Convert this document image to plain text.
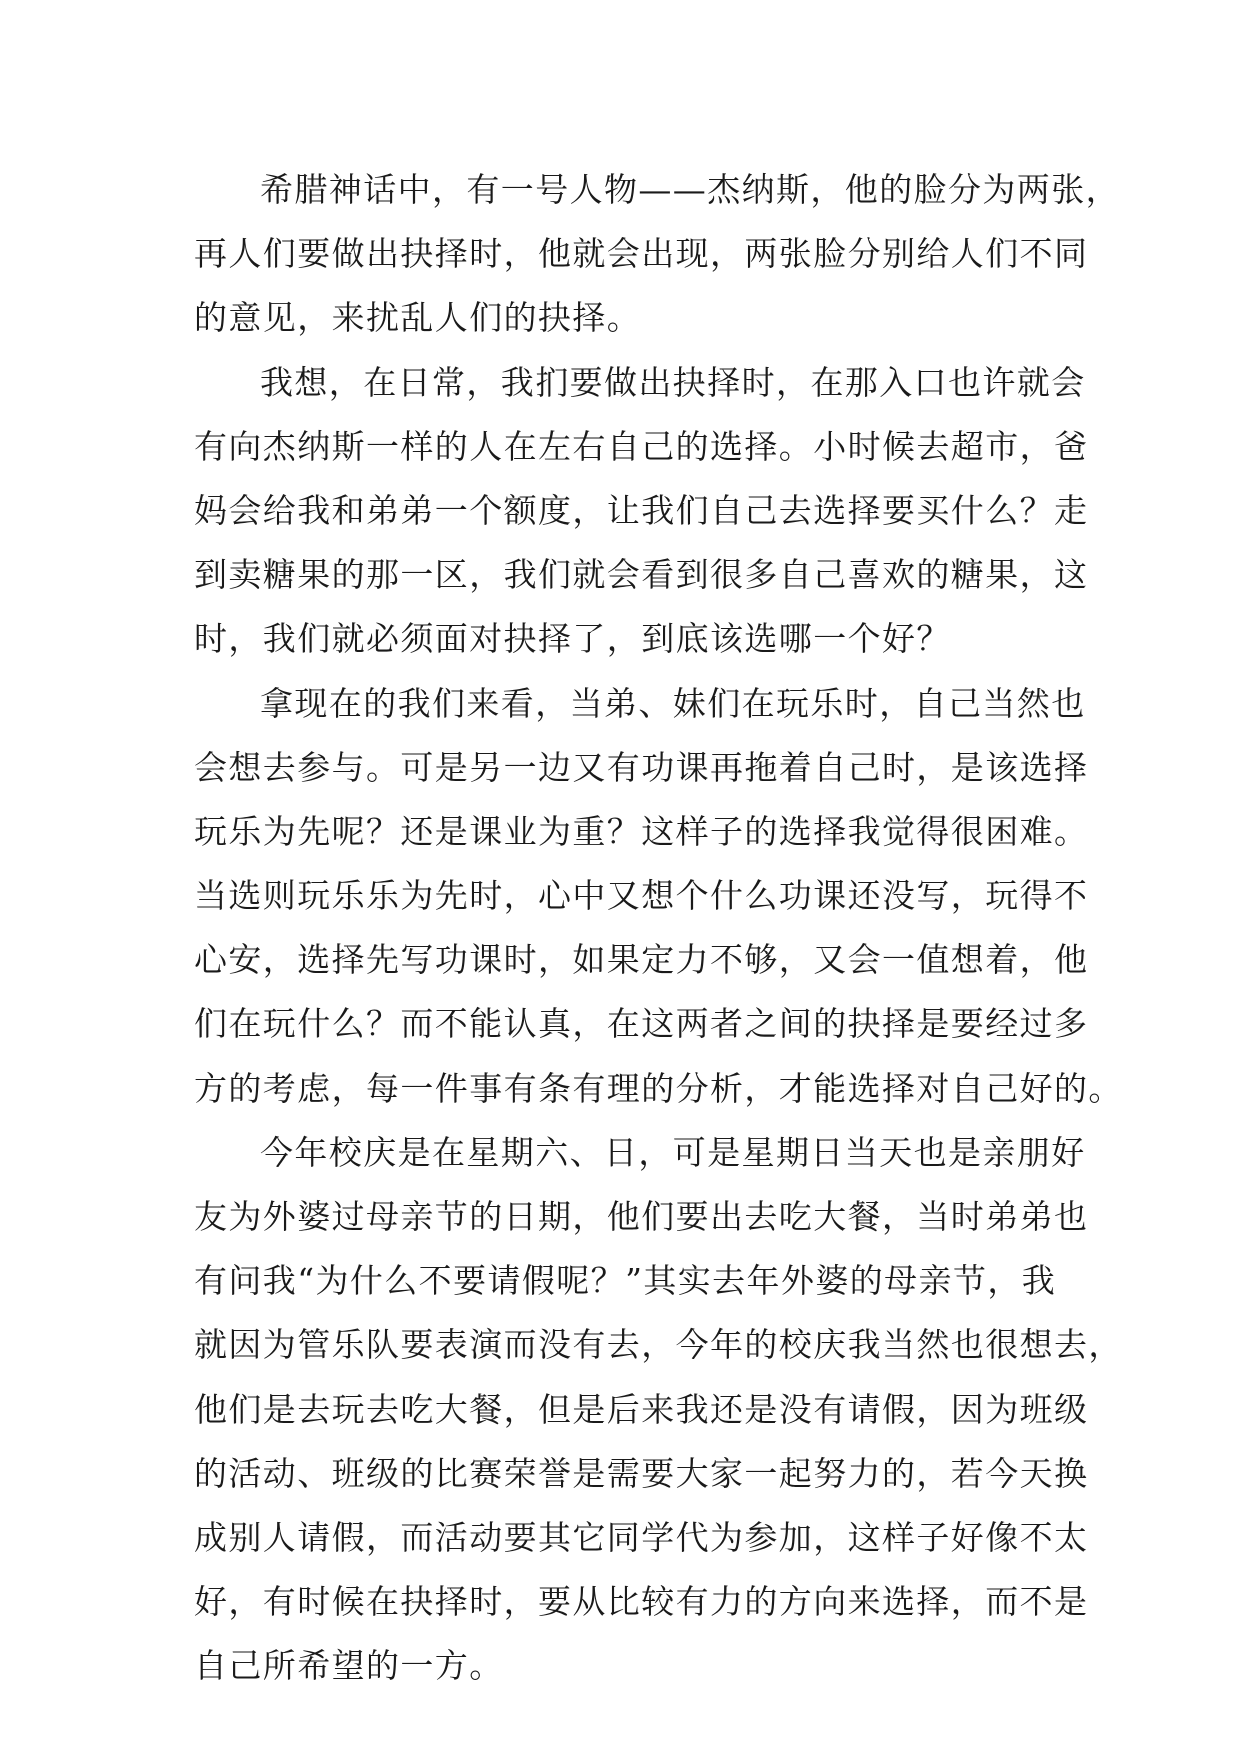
希腊神话中，有一号人物——杰纳斯，他的脸分为两张，
再人们要做出抉择时，他就会出现，两张脸分别给人们不同
的意见，来扰乱人们的抉择。
我想，在日常，我扪要做出抉择时，在那入口也许就会
有向杰纳斯一样的人在左右自己的选择。小时候去超市，爸
妈会给我和弟弟一个额度，让我们自己去选择要买什么？走
到卖糖果的那一区，我们就会看到很多自己喜欢的糖果，这
时，我们就必须面对抉择了，到底该选哪一个好？
拿现在的我们来看，当弟、妹们在玩乐时，自己当然也
会想去参与。可是另一边又有功课再拖着自己时，是该选择
玩乐为先呢？还是课业为重？这样子的选择我觉得很困难。
当选则玩乐乐为先时，心中又想个什么功课还没写，玩得不
心安，选择先写功课时，如果定力不够，又会一值想着，他
们在玩什么？而不能认真，在这两者之间的抉择是要经过多
方的考虑，每一件事有条有理的分析，才能选择对自己好的。
今年校庆是在星期六、日，可是星期日当天也是亲朋好
友为外婆过母亲节的日期，他们要出去吃大餐，当时弟弟也
有问我“为什么不要请假呢？”其实去年外婆的母亲节，我
就因为管乐队要表演而没有去，今年的校庆我当然也很想去，
他们是去玩去吃大餐，但是后来我还是没有请假，因为班级
的活动、班级的比赛荣誉是需要大家一起努力的，若今天换
成别人请假，而活动要其它同学代为参加，这样子好像不太
好，有时候在抉择时，要从比较有力的方向来选择，而不是
自己所希望的一方。
